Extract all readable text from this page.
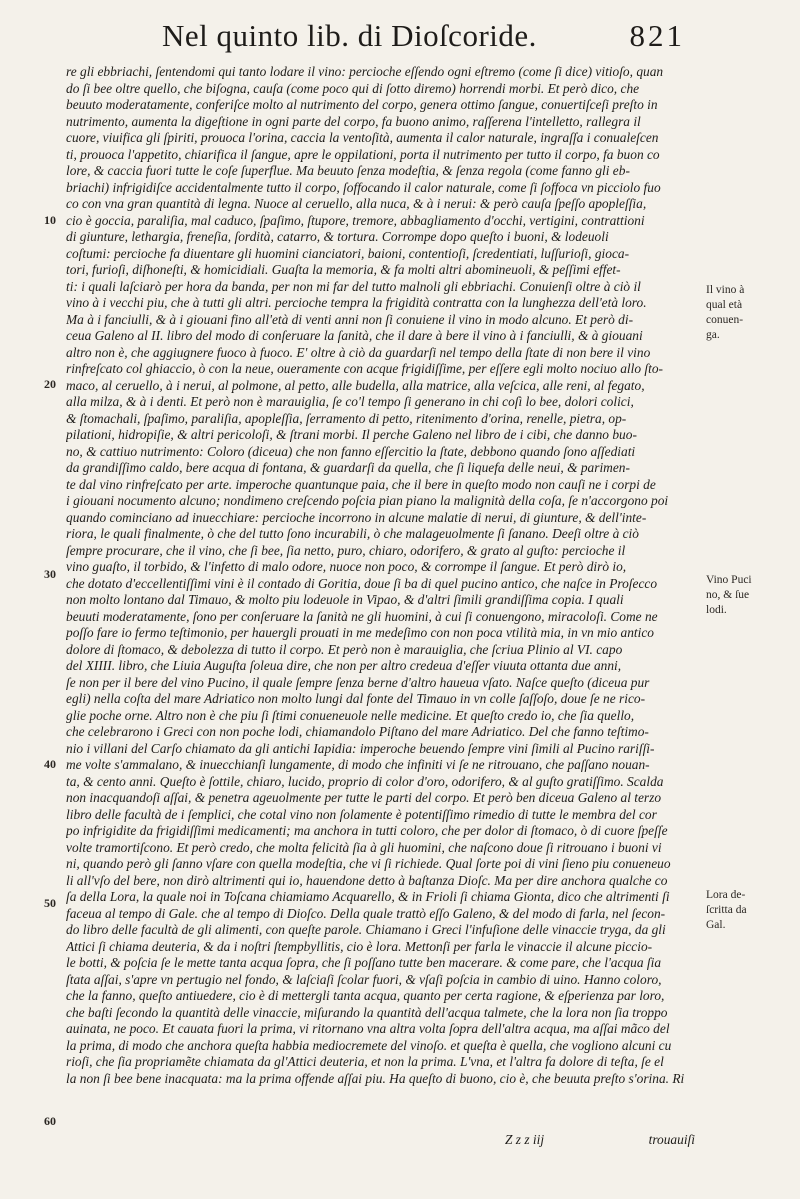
Nel quinto lib. di Dioſcoride.	821
re gli ebbriachi, ſentendomi qui tanto lodare il vino: percioche eſſendo ogni eſtremo (come ſi dice) vitioſo, quan
do ſi bee oltre quello, che biſogna, cauſa (come poco qui di ſotto diremo) horrendi morbi. Et però dico, che
beuuto moderatamente, conferiſce molto al nutrimento del corpo, genera ottimo ſangue, conuertiſceſi preſto in
nutrimento, aumenta la digeſtione in ogni parte del corpo, fa buono animo, raſſerena l'intelletto, rallegra il
cuore, viuifica gli ſpiriti, prouoca l'orina, caccia la ventoſità, aumenta il calor naturale, ingraſſa i conualeſcen
ti, prouoca l'appetito, chiarifica il ſangue, apre le oppilationi, porta il nutrimento per tutto il corpo, fa buon co
lore, & caccia fuori tutte le coſe ſuperflue. Ma beuuto ſenza modeſtia, & ſenza regola (come fanno gli eb-
briachi) infrigidiſce accidentalmente tutto il corpo, ſoffocando il calor naturale, come ſi ſoffoca vn picciolo fuo
co con vna gran quantità di legna. Nuoce al ceruello, alla nuca, & à i nerui: & però cauſa ſpeſſo apopleſſia,
cio è goccia, paraliſia, mal caduco, ſpaſimo, ſtupore, tremore, abbagliamento d'occhi, vertigini, contrattioni
di giunture, lethargia, freneſia, ſordità, catarro, & tortura. Corrompe dopo queſto i buoni, & lodeuoli
coſtumi: percioche fa diuentare gli huomini cianciatori, baioni, contentioſi, ſcredentiati, luſſurioſi, gioca-
tori, furioſi, diſhoneſti, & homicidiali. Guaſta la memoria, & fa molti altri abomineuoli, & peſſimi effet-
ti: i quali laſciarò per hora da banda, per non mi far del tutto malnoli gli ebbriachi. Conuienſi oltre à ciò il
vino à i vecchi piu, che à tutti gli altri. percioche tempra la frigidità contratta con la lunghezza dell'età loro.
Ma à i fanciulli, & à i giouani fino all'età di venti anni non ſi conuiene il vino in modo alcuno. Et però di-
ceua Galeno al II. libro del modo di conſeruare la ſanità, che il dare à bere il vino à i fanciulli, & à giouani
altro non è, che aggiugnere fuoco à fuoco. E' oltre à ciò da guardarſi nel tempo della ſtate di non bere il vino
rinfreſcato col ghiaccio, ò con la neue, oueramente con acque frigidiſſime, per eſſere egli molto nociuo allo ſto-
maco, al ceruello, à i nerui, al polmone, al petto, alle budella, alla matrice, alla veſcica, alle reni, al fegato,
alla milza, & à i denti. Et però non è marauiglia, ſe co'l tempo ſi generano in chi coſì lo bee, dolori colici,
& ſtomachali, ſpaſimo, paraliſia, apopleſſia, ſerramento di petto, ritenimento d'orina, renelle, pietra, op-
pilationi, hidropiſie, & altri pericoloſi, & ſtrani morbi. Il perche Galeno nel libro de i cibi, che danno buo-
no, & cattiuo nutrimento: Coloro (diceua) che non fanno eſſercitio la ſtate, debbono quando ſono aſſediati
da grandiſſimo caldo, bere acqua di fontana, & guardarſi da quella, che ſi liquefa delle neui, & parimen-
te dal vino rinfreſcato per arte. imperoche quantunque paia, che il bere in queſto modo non cauſi ne i corpi de
i giouani nocumento alcuno; nondimeno creſcendo poſcia pian piano la malignità della coſa, ſe n'accorgono poi
quando cominciano ad inuecchiare: percioche incorrono in alcune malatie di nerui, di giunture, & dell'inte-
riora, le quali finalmente, ò che del tutto ſono incurabili, ò che malageuolmente ſi ſanano. Deeſi oltre à ciò
ſempre procurare, che il vino, che ſi bee, ſia netto, puro, chiaro, odorifero, & grato al guſto: percioche il
vino guaſto, il torbido, & l'infetto di malo odore, nuoce non poco, & corrompe il ſangue. Et però dirò io,
che dotato d'eccellentiſſimi vini è il contado di Goritia, doue ſi ba di quel pucino antico, che naſce in Proſecco
non molto lontano dal Timauo, & molto piu lodeuole in Vipao, & d'altri ſimili grandiſſima copia. I quali
beuuti moderatamente, ſono per conſeruare la ſanità ne gli huomini, à cui ſi conuengono, miracoloſi. Come ne
poſſo fare io fermo teſtimonio, per hauergli prouati in me medeſimo con non poca vtilità mia, in vn mio antico
dolore di ſtomaco, & debolezza di tutto il corpo. Et però non è marauiglia, che ſcriua Plinio al VI. capo
del XIIII. libro, che Liuia Auguſta ſoleua dire, che non per altro credeua d'eſſer viuuta ottanta due anni,
ſe non per il bere del vino Pucino, il quale ſempre ſenza berne d'altro haueua vſato. Naſce queſto (diceua pur
egli) nella coſta del mare Adriatico non molto lungi dal fonte del Timauo in vn colle ſaſſoſo, doue ſe ne rico-
glie poche orne. Altro non è che piu ſi ſtimi conueneuole nelle medicine. Et queſto credo io, che ſia quello,
che celebrarono i Greci con non poche lodi, chiamandolo Piſtano del mare Adriatico. Del che fanno teſtimo-
nio i villani del Carſo chiamato da gli antichi Iapidia: imperoche beuendo ſempre vini ſimili al Pucino rariſſi-
me volte s'ammalano, & inuecchianſi lungamente, di modo che infiniti vi ſe ne ritrouano, che paſſano nouan-
ta, & cento anni. Queſto è ſottile, chiaro, lucido, proprio di color d'oro, odorifero, & al guſto gratiſſimo. Scalda
non inacquandoſi aſſai, & penetra ageuolmente per tutte le parti del corpo. Et però ben diceua Galeno al terzo
libro delle facultà de i ſemplici, che cotal vino non ſolamente è potentiſſimo rimedio di tutte le membra del cor
po infrigidite da frigidiſſimi medicamenti; ma anchora in tutti coloro, che per dolor di ſtomaco, ò di cuore ſpeſſe
volte tramortiſcono. Et però credo, che molta felicità ſia à gli huomini, che naſcono doue ſi ritrouano i buoni vi
ni, quando però gli ſanno vſare con quella modeſtia, che vi ſi richiede. Qual ſorte poi di vini ſieno piu conueneuo
li all'vſo del bere, non dirò altrimenti qui io, hauendone detto à baſtanza Dioſc. Ma per dire anchora qualche co
ſa della Lora, la quale noi in Toſcana chiamiamo Acquarello, & in Frioli ſi chiama Gionta, dico che altrimenti ſi
faceua al tempo di Gale. che al tempo di Dioſco. Della quale trattò eſſo Galeno, & del modo di farla, nel ſecon-
do libro delle facultà de gli alimenti, con queſte parole. Chiamano i Greci l'infuſione delle vinaccie tryga, da gli
Attici ſi chiama deuteria, & da i noſtri ſtempbyllitis, cio è lora. Mettonſi per farla le vinaccie il alcune piccio-
le botti, & poſcia ſe le mette tanta acqua ſopra, che ſi poſſano tutte ben macerare. & come pare, che l'acqua ſia
ſtata aſſai, s'apre vn pertugio nel fondo, & laſciaſi ſcolar fuori, & vſaſi poſcia in cambio di uino. Hanno coloro,
che la fanno, queſto antiuedere, cio è di mettergli tanta acqua, quanto per certa ragione, & eſperienza par loro,
che baſti ſecondo la quantità delle vinaccie, miſurando la quantità dell'acqua talmete, che la lora non ſia troppo
auinata, ne poco. Et cauata fuori la prima, vi ritornano vna altra volta ſopra dell'altra acqua, ma aſſai mãco del
la prima, di modo che anchora queſta habbia mediocremete del vinoſo. et queſta è quella, che vogliono alcuni cu
rioſi, che ſia propriamẽte chiamata da gl'Attici deuteria, et non la prima. L'vna, et l'altra fa dolore di teſta, ſe el
la non ſi bee bene inacquata: ma la prima offende aſſai piu. Ha queſto di buono, cio è, che beuuta preſto s'orina. Ri
10
20
30
40
50
60
Il vino à
qual età
conuen-
ga.
Vino Puci
no, & ſue
lodi.
Lora de-
ſcritta da
Gal.
Z z z iij	trouauiſi
